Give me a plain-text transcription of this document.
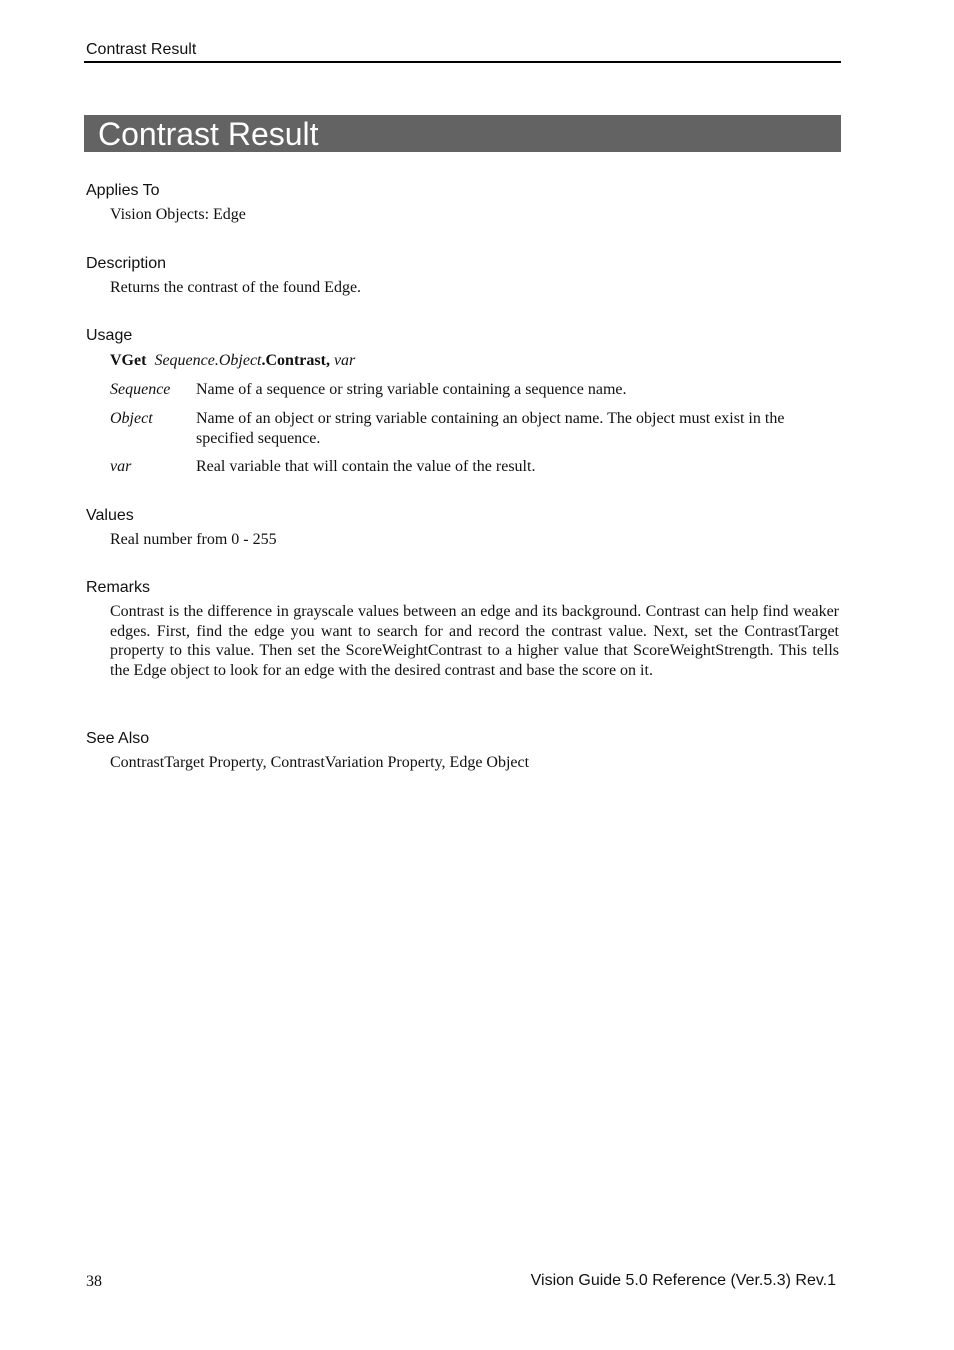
Contrast Result
Contrast Result
Applies To
Vision Objects: Edge
Description
Returns the contrast of the found Edge.
Usage
VGet Sequence.Object.Contrast, var
Sequence Name of a sequence or string variable containing a sequence name.
Object	Name of an object or string variable containing an object name. The object must exist in the specified sequence.
var	Real variable that will contain the value of the result.
Values
Real number from 0 - 255
Remarks
Contrast is the difference in grayscale values between an edge and its background. Contrast can help find weaker edges. First, find the edge you want to search for and record the contrast value. Next, set the ContrastTarget property to this value. Then set the ScoreWeightContrast to a higher value that ScoreWeightStrength. This tells the Edge object to look for an edge with the desired contrast and base the score on it.
See Also
ContrastTarget Property, ContrastVariation Property, Edge Object
38	Vision Guide 5.0 Reference (Ver.5.3) Rev.1
